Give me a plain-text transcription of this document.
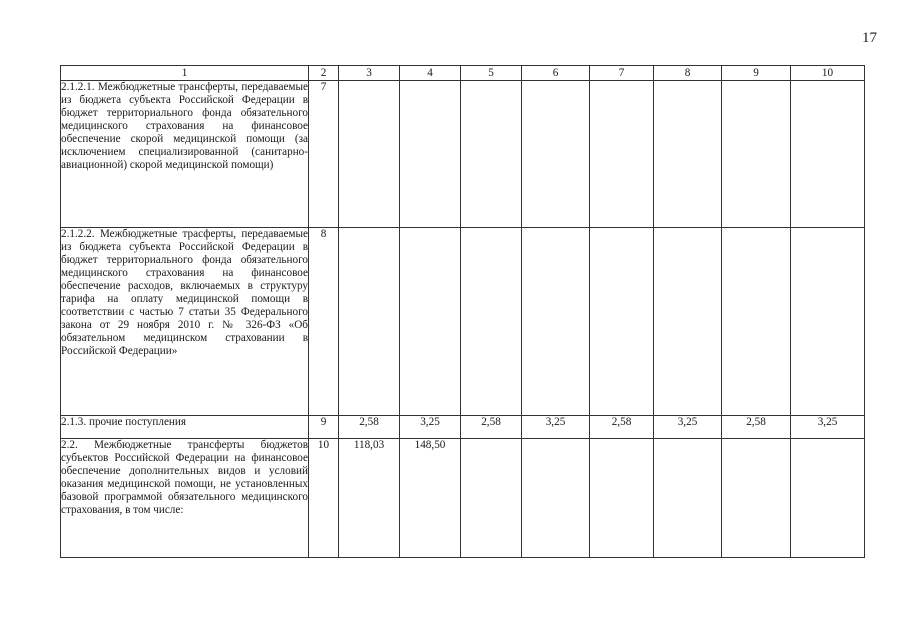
17
1	2	3	4	5	6	7	8	9	10
2.1.2.1. Межбюджетные трансферты, передаваемые из бюджета субъекта Российской Федерации в бюджет территориального фонда обязательного медицинского страхования на финансовое обеспечение скорой медицинской помощи (за исключением специализированной (санитарно-авиационной) скорой медицинской помощи)	7								
2.1.2.2. Межбюджетные трасферты, передаваемые из бюджета субъекта Российской Федерации в бюджет территориального фонда обязательного медицинского страхования на финансовое обеспечение расходов, включаемых в структуру тарифа на оплату медицинской помощи в соответствии с частью 7 статьи 35 Федерального закона от 29 ноября 2010 г. № 326-ФЗ «Об обязательном медицинском страховании в Российской Федерации»	8								
2.1.3. прочие поступления	9	2,58	3,25	2,58	3,25	2,58	3,25	2,58	3,25
2.2. Межбюджетные трансферты бюджетов субъектов Российской Федерации на финансовое обеспечение дополнительных видов и условий оказания медицинской помощи, не установленных базовой программой обязательного медицинского страхования, в том числе:	10	118,03	148,50						
